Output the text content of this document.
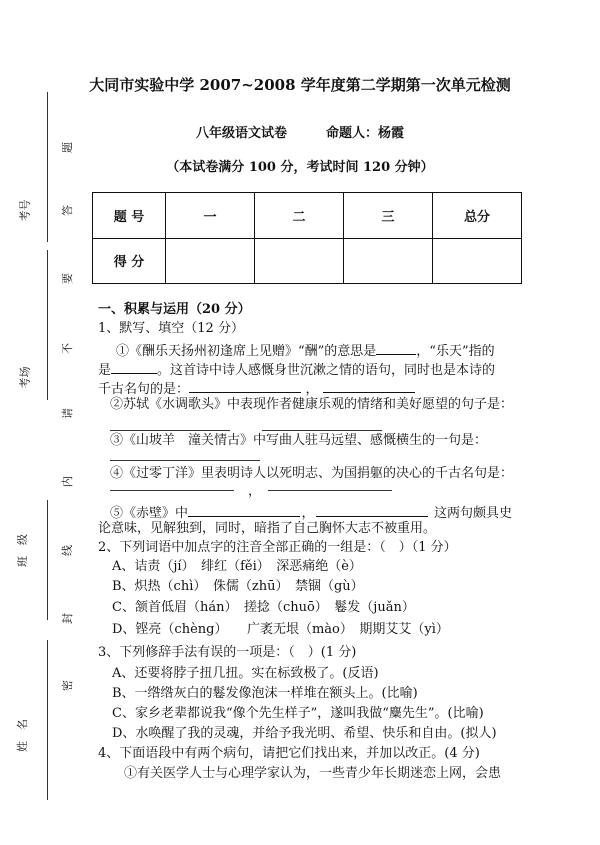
考号
考场
班　级
姓　名
题
答
要
不
请
内
线
封
密
大同市实验中学 2007~2008 学年度第二学期第一次单元检测
八年级语文试卷　　　命题人：杨霞
（本试卷满分 100 分，考试时间 120 分钟）
题 号	一	二	三	总分
得 分				
一、积累与运用（20 分）
1、默写、填空（12 分）
①《酬乐天扬州初逢席上见赠》“酬”的意思是	，“乐天”指的
是	。这首诗中诗人感慨身世沉漱之情的语句，同时也是本诗的
千古名句的是：	，
②苏轼《水调歌头》中表现作者健康乐观的情绪和美好愿望的句子是：
③《山坡羊　潼关情古》中写曲人驻马远望、感慨横生的一句是：
④《过零丁洋》里表明诗人以死明志、为国捐躯的决心的千古名句是：
，
⑤《赤壁》中	，	这两句颇具史
论意味，见解独到，同时，暗指了自己胸怀大志不被重用。
2、下列词语中加点字的注音全部正确的一组是：（　）（1 分）
A、诘责（jí）　绯红（fěi）　深恶痛绝（è）
B、炽热（chì）　侏儒（zhū）　禁锢（gù）
C、颔首低眉（hán）　搓捻（chuō）　鬈发（juǎn）
D、铿亮（chèng）　　广袤无垠（mào）　期期艾艾（yì）
3、下列修辞手法有误的一项是：（　）(1 分)
A、还要将脖子扭几扭。实在标致极了。(反语)
B、一绺绺灰白的鬈发像泡沫一样堆在额头上。(比喻)
C、家乡老辈都说我“像个先生样子”，遂叫我做“麋先生”。(比喻)
D、水唤醒了我的灵魂，并给予我光明、希望、快乐和自由。(拟人)
4、下面语段中有两个病句，请把它们找出来，并加以改正。(4 分)
①有关医学人士与心理学家认为，一些青少年长期迷恋上网，会患
